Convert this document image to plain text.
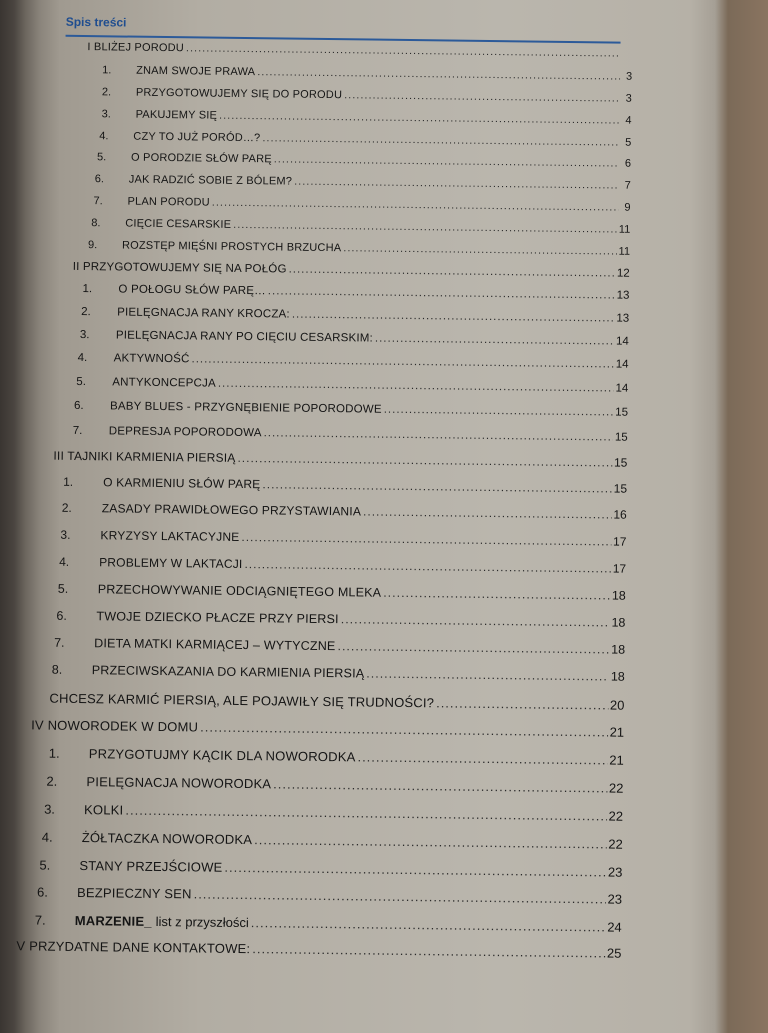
Spis treści
I BLIŻEJ PORODU
.....
1.	ZNAM SWOJE PRAWA .....	3
2.	PRZYGOTOWUJEMY SIĘ DO PORODU .....	3
3.	PAKUJEMY SIĘ .....	4
4.	CZY TO JUŻ PORÓD…? .....	5
5.	O PORODZIE SŁÓW PARĘ .....	6
6.	JAK RADZIĆ SOBIE Z BÓLEM? .....	7
7.	PLAN PORODU .....	9
8.	CIĘCIE CESARSKIE .....	11
9.	ROZSTĘP MIĘŚNI PROSTYCH BRZUCHA .....	11
II PRZYGOTOWUJEMY SIĘ NA POŁÓG .....	12
1.	O POŁOGU SŁÓW PARĘ… .....	13
2.	PIELĘGNACJA RANY KROCZA: .....	13
3.	PIELĘGNACJA RANY PO CIĘCIU CESARSKIM: .....	14
4.	AKTYWNOŚĆ .....	14
5.	ANTYKONCEPCJA .....	14
6.	BABY BLUES - PRZYGNĘBIENIE POPORODOWE .....	15
7.	DEPRESJA POPORODOWA .....	15
III TAJNIKI KARMIENIA PIERSIĄ .....	15
1.	O KARMIENIU SŁÓW PARĘ .....	15
2.	ZASADY PRAWIDŁOWEGO PRZYSTAWIANIA .....	16
3.	KRYZYSY LAKTACYJNE .....	17
4.	PROBLEMY W LAKTACJI .....	17
5.	PRZECHOWYWANIE ODCIĄGNIĘTEGO MLEKA .....	18
6.	TWOJE DZIECKO PŁACZE PRZY PIERSI .....	18
7.	DIETA MATKI KARMIĄCEJ – WYTYCZNE .....	18
8.	PRZECIWSKAZANIA DO KARMIENIA PIERSIĄ .....	18
CHCESZ KARMIĆ PIERSIĄ, ALE POJAWIŁY SIĘ TRUDNOŚCI? .....	20
IV NOWORODEK W DOMU .....	21
1.	PRZYGOTUJMY KĄCIK DLA NOWORODKA .....	21
2.	PIELĘGNACJA NOWORODKA .....	22
3.	KOLKI .....	22
4.	ŻÓŁTACZKA NOWORODKA .....	22
5.	STANY PRZEJŚCIOWE .....	23
6.	BEZPIECZNY SEN .....	23
7.	MARZENIE_ list z przyszłości .....	24
V PRZYDATNE DANE KONTAKTOWE: .....	25
